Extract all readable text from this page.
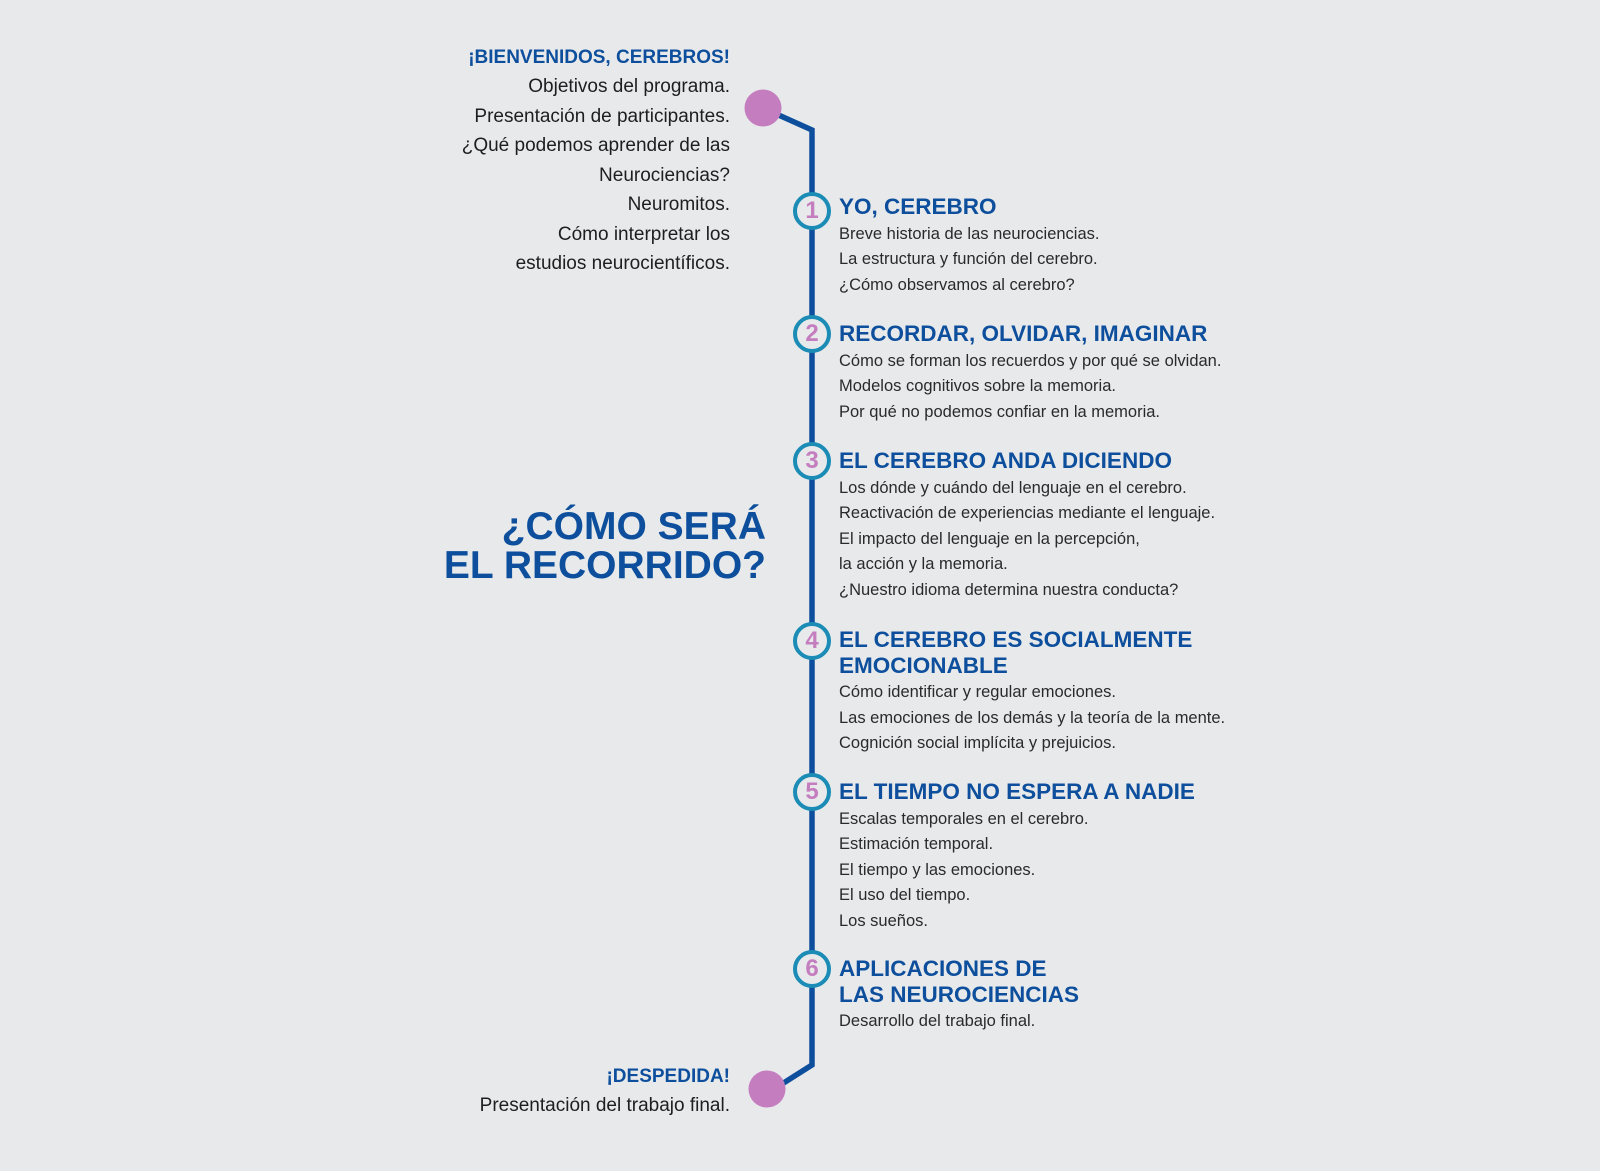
¡BIENVENIDOS, CEREBROS!
Objetivos del programa.
Presentación de participantes.
¿Qué podemos aprender de las
Neurociencias?
Neuromitos.
Cómo interpretar los
estudios neurocientíficos.
¿CÓMO SERÁ
EL RECORRIDO?
1 YO, CEREBRO
Breve historia de las neurociencias.
La estructura y función del cerebro.
¿Cómo observamos al cerebro?
2 RECORDAR, OLVIDAR, IMAGINAR
Cómo se forman los recuerdos y por qué se olvidan.
Modelos cognitivos sobre la memoria.
Por qué no podemos confiar en la memoria.
3 EL CEREBRO ANDA DICIENDO
Los dónde y cuándo del lenguaje en el cerebro.
Reactivación de experiencias mediante el lenguaje.
El impacto del lenguaje en la percepción,
la acción y la memoria.
¿Nuestro idioma determina nuestra conducta?
4 EL CEREBRO ES SOCIALMENTE
EMOCIONABLE
Cómo identificar y regular emociones.
Las emociones de los demás y la teoría de la mente.
Cognición social implícita y prejuicios.
5 EL TIEMPO NO ESPERA A NADIE
Escalas temporales en el cerebro.
Estimación temporal.
El tiempo y las emociones.
El uso del tiempo.
Los sueños.
6 APLICACIONES DE
LAS NEUROCIENCIAS
Desarrollo del trabajo final.
¡DESPEDIDA!
Presentación del trabajo final.
